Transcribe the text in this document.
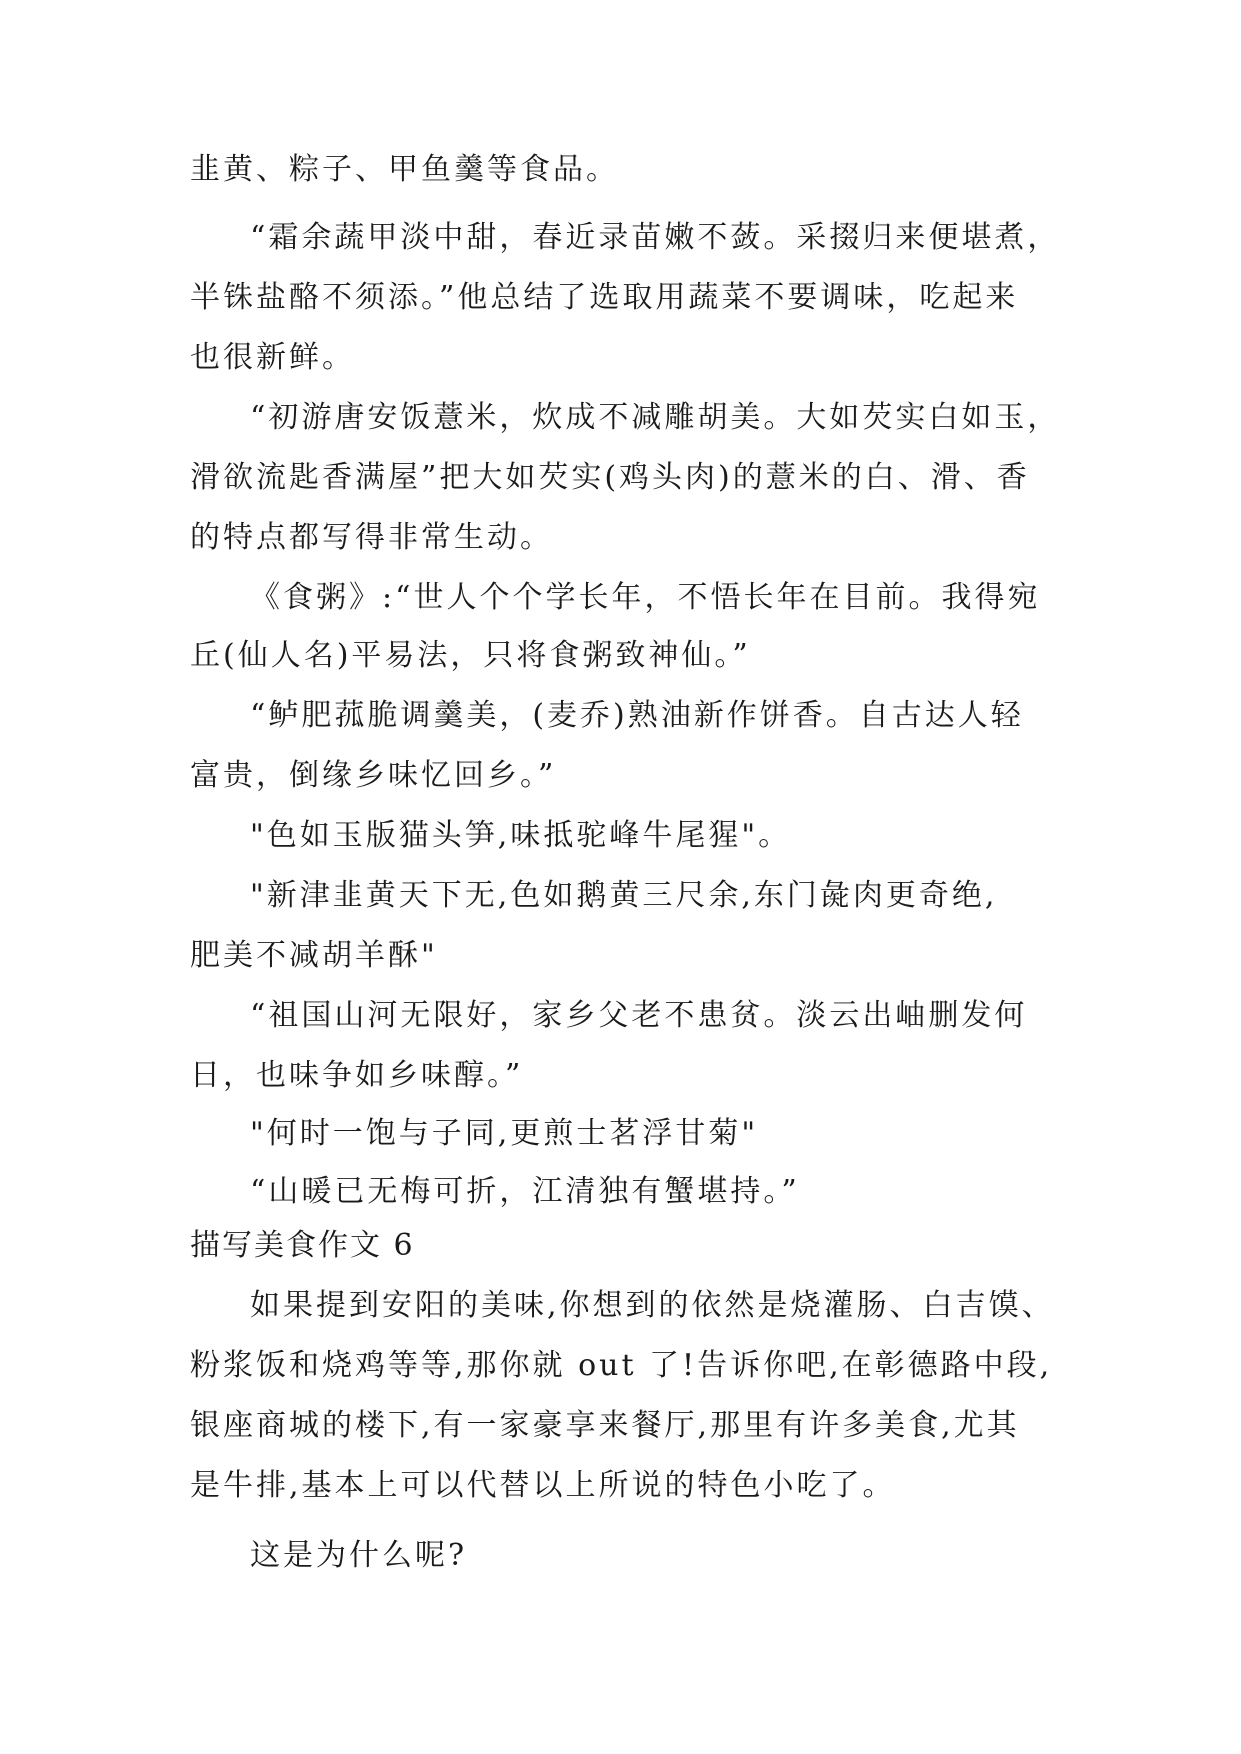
韭黄、粽子、甲鱼羹等食品。
“霜余蔬甲淡中甜，春近录苗嫩不蔹。采掇归来便堪煮，
半铢盐酪不须添。”他总结了选取用蔬菜不要调味，吃起来
也很新鲜。
“初游唐安饭薏米，炊成不减雕胡美。大如芡实白如玉，
滑欲流匙香满屋”把大如芡实(鸡头肉)的薏米的白、滑、香
的特点都写得非常生动。
《食粥》:“世人个个学长年，不悟长年在目前。我得宛
丘(仙人名)平易法，只将食粥致神仙。”
“鲈肥菰脆调羹美，(麦乔)熟油新作饼香。自古达人轻
富贵，倒缘乡味忆回乡。”
"色如玉版猫头笋,味抵驼峰牛尾猩"。
"新津韭黄天下无,色如鹅黄三尺余,东门彘肉更奇绝,
肥美不减胡羊酥"
“祖国山河无限好，家乡父老不患贫。淡云出岫删发何
日，也味争如乡味醇。”
"何时一饱与子同,更煎士茗浮甘菊"
“山暖已无梅可折，江清独有蟹堪持。”
描写美食作文 6
如果提到安阳的美味,你想到的依然是烧灌肠、白吉馍、
粉浆饭和烧鸡等等,那你就 out 了!告诉你吧,在彰德路中段,
银座商城的楼下,有一家豪享来餐厅,那里有许多美食,尤其
是牛排,基本上可以代替以上所说的特色小吃了。
这是为什么呢?
